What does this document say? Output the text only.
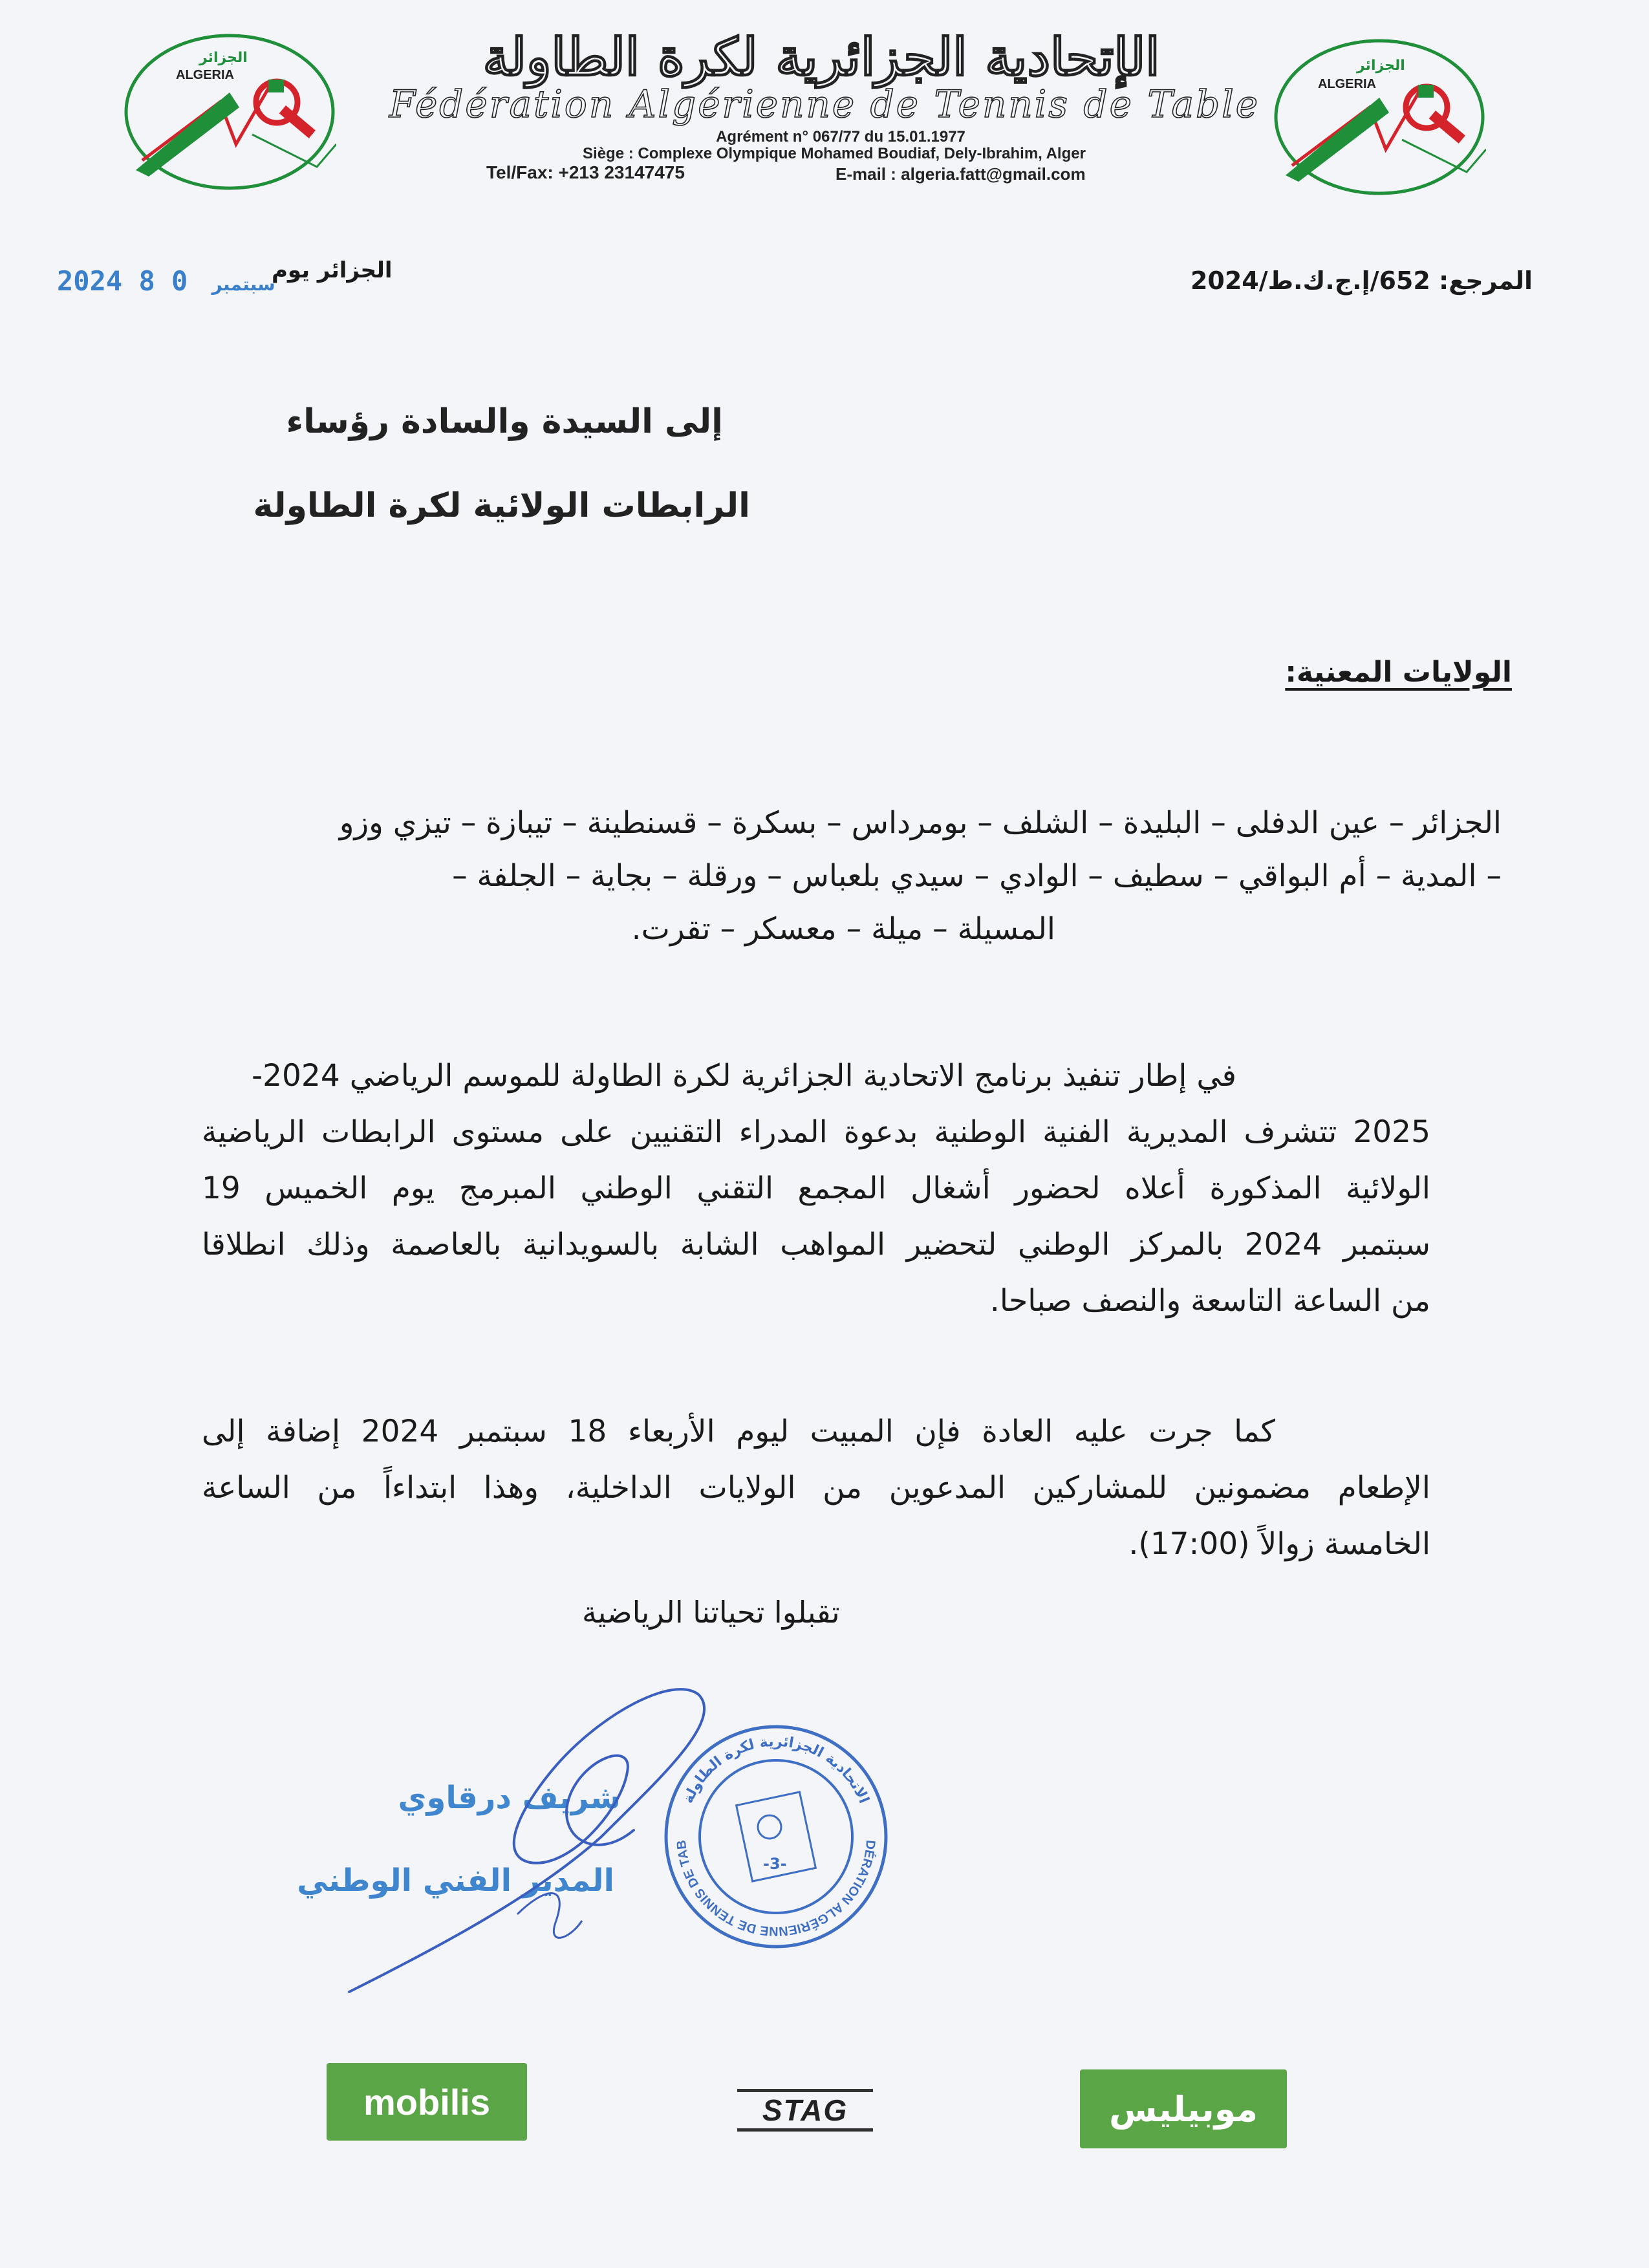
الجزائر
ALGERIA	الإتحادية الجزائرية لكرة الطاولة
Fédération Algérienne de Tennis de Table
Agrément n° 067/77 du 15.01.1977
Siège : Complexe Olympique Mohamed Boudiaf, Dely-Ibrahim, Alger
Tel/Fax: +213 23147475	E-mail : algeria.fatt@gmail.com
الجزائر
ALGERIA
المرجع: 652/إ.ج.ك.ط/2024
الجزائر يوم
2024	سبتمبر 0 8
إلى السيدة والسادة رؤساء
الرابطات الولائية لكرة الطاولة
الولايات المعنية:
الجزائر – عين الدفلى – البليدة – الشلف – بومرداس – بسكرة – قسنطينة – تيبازة – تيزي وزو
– المدية – أم البواقي – سطيف – الوادي – سيدي بلعباس – ورقلة – بجاية – الجلفة –
المسيلة – ميلة – معسكر – تقرت.
في إطار تنفيذ برنامج الاتحادية الجزائرية لكرة الطاولة للموسم الرياضي 2024-
2025 تتشرف المديرية الفنية الوطنية بدعوة المدراء التقنيين على مستوى الرابطات الرياضية
الولائية المذكورة أعلاه لحضور أشغال المجمع التقني الوطني المبرمج يوم الخميس 19
سبتمبر 2024 بالمركز الوطني لتحضير المواهب الشابة بالسويدانية بالعاصمة وذلك انطلاقا
من الساعة التاسعة والنصف صباحا.
كما جرت عليه العادة فإن المبيت ليوم الأربعاء 18 سبتمبر 2024 إضافة إلى
الإطعام مضمونين للمشاركين المدعوين من الولايات الداخلية، وهذا ابتداءاً من الساعة
الخامسة زوالاً (17:00).
تقبلوا تحياتنا الرياضية
شريف درقاوي
المدير الفني الوطني
الاتحادية الجزائرية لكرة الطاولة
DÉRATION ALGÉRIENNE DE TENNIS DE TAB
-3-
mobilis	STAG	موبيليس
